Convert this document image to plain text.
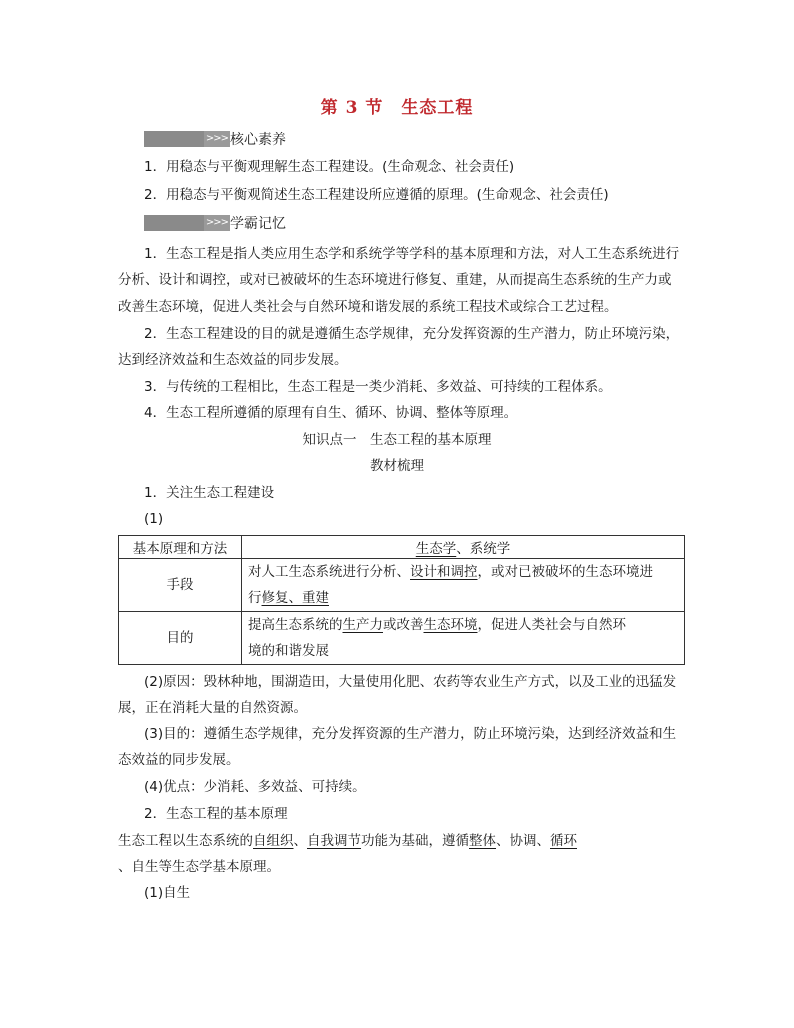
第 3 节 生态工程
>>> 核心素养
1．用稳态与平衡观理解生态工程建设。(生命观念、社会责任)
2．用稳态与平衡观简述生态工程建设所应遵循的原理。(生命观念、社会责任)
>>> 学霸记忆
1．生态工程是指人类应用生态学和系统学等学科的基本原理和方法，对人工生态系统进行
分析、设计和调控，或对已被破坏的生态环境进行修复、重建，从而提高生态系统的生产力或
改善生态环境，促进人类社会与自然环境和谐发展的系统工程技术或综合工艺过程。
2．生态工程建设的目的就是遵循生态学规律，充分发挥资源的生产潜力，防止环境污染，
达到经济效益和生态效益的同步发展。
3．与传统的工程相比，生态工程是一类少消耗、多效益、可持续的工程体系。
4．生态工程所遵循的原理有自生、循环、协调、整体等原理。
知识点一　生态工程的基本原理
教材梳理
1．关注生态工程建设
(1)
基本原理和方法	生态学、系统学
手段	对人工生态系统进行分析、设计和调控，或对已被破坏的生态环境进
行修复、重建
目的	提高生态系统的生产力或改善生态环境，促进人类社会与自然环
境的和谐发展
(2)原因：毁林种地，围湖造田，大量使用化肥、农药等农业生产方式，以及工业的迅猛发
展，正在消耗大量的自然资源。
(3)目的：遵循生态学规律，充分发挥资源的生产潜力，防止环境污染，达到经济效益和生
态效益的同步发展。
(4)优点：少消耗、多效益、可持续。
2．生态工程的基本原理
生态工程以生态系统的自组织、自我调节功能为基础，遵循整体、协调、循环
、自生等生态学基本原理。
(1)自生
